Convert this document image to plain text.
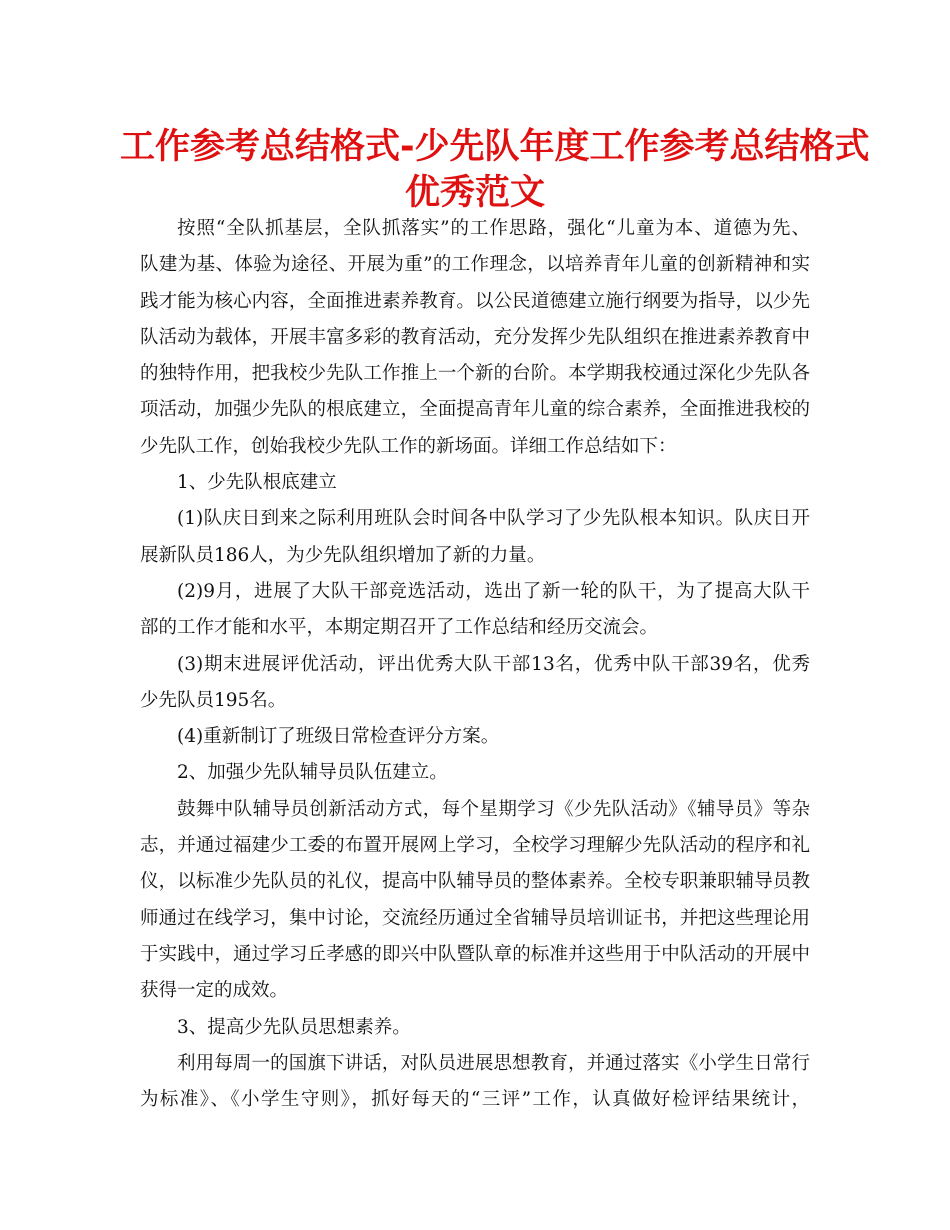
工作参考总结格式-少先队年度工作参考总结格式
优秀范文
按照“全队抓基层，全队抓落实”的工作思路，强化“儿童为本、道德为先、
队建为基、体验为途径、开展为重”的工作理念，以培养青年儿童的创新精神和实
践才能为核心内容，全面推进素养教育。以公民道德建立施行纲要为指导，以少先
队活动为载体，开展丰富多彩的教育活动，充分发挥少先队组织在推进素养教育中
的独特作用，把我校少先队工作推上一个新的台阶。本学期我校通过深化少先队各
项活动，加强少先队的根底建立，全面提高青年儿童的综合素养，全面推进我校的
少先队工作，创始我校少先队工作的新场面。详细工作总结如下：
1、少先队根底建立
(1)队庆日到来之际利用班队会时间各中队学习了少先队根本知识。队庆日开
展新队员186人，为少先队组织增加了新的力量。
(2)9月，进展了大队干部竞选活动，选出了新一轮的队干，为了提高大队干
部的工作才能和水平，本期定期召开了工作总结和经历交流会。
(3)期末进展评优活动，评出优秀大队干部13名，优秀中队干部39名，优秀
少先队员195名。
(4)重新制订了班级日常检查评分方案。
2、加强少先队辅导员队伍建立。
鼓舞中队辅导员创新活动方式，每个星期学习《少先队活动》《辅导员》等杂
志，并通过福建少工委的布置开展网上学习，全校学习理解少先队活动的程序和礼
仪，以标准少先队员的礼仪，提高中队辅导员的整体素养。全校专职兼职辅导员教
师通过在线学习，集中讨论，交流经历通过全省辅导员培训证书，并把这些理论用
于实践中，通过学习丘孝感的即兴中队暨队章的标准并这些用于中队活动的开展中
获得一定的成效。
3、提高少先队员思想素养。
利用每周一的国旗下讲话，对队员进展思想教育，并通过落实《小学生日常行
为标准》、《小学生守则》，抓好每天的“三评”工作，认真做好检评结果统计，
